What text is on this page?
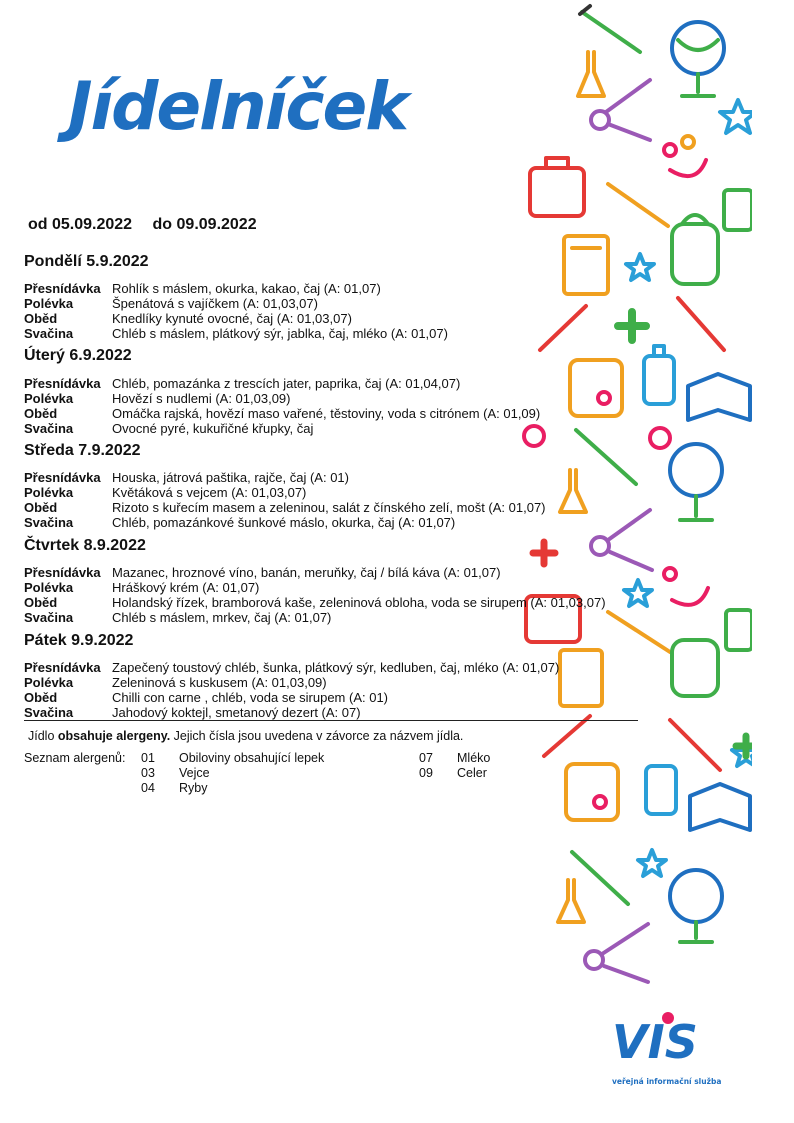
Jídelníček
od 05.09.2022 do 09.09.2022
Pondělí 5.9.2022
Přesnídávka Rohlík s máslem, okurka, kakao, čaj (A: 01,07)
Polévka	Špenátová s vajíčkem (A: 01,03,07)
Oběd	Knedlíky kynuté ovocné, čaj (A: 01,03,07)
Svačina	Chléb s máslem, plátkový sýr, jablka, čaj, mléko (A: 01,07)
Úterý 6.9.2022
Přesnídávka Chléb, pomazánka z trescích jater, paprika, čaj (A: 01,04,07)
Polévka	Hovězí s nudlemi (A: 01,03,09)
Oběd	Omáčka rajská, hovězí maso vařené, těstoviny, voda s citrónem (A: 01,09)
Svačina	Ovocné pyré, kukuřičné křupky, čaj
Středa 7.9.2022
Přesnídávka Houska, játrová paštika, rajče, čaj (A: 01)
Polévka	Květáková s vejcem (A: 01,03,07)
Oběd	Rizoto s kuřecím masem a zeleninou, salát z čínského zelí, mošt (A: 01,07)
Svačina	Chléb, pomazánkové šunkové máslo, okurka, čaj (A: 01,07)
Čtvrtek 8.9.2022
Přesnídávka Mazanec, hroznové víno, banán, meruňky, čaj / bílá káva (A: 01,07)
Polévka	Hráškový krém (A: 01,07)
Oběd	Holandský řízek, bramborová kaše, zeleninová obloha, voda se sirupem (A: 01,03,07)
Svačina	Chléb s máslem, mrkev, čaj (A: 01,07)
Pátek 9.9.2022
Přesnídávka Zapečený toustový chléb, šunka, plátkový sýr, kedluben, čaj, mléko (A: 01,07)
Polévka	Zeleninová s kuskusem (A: 01,03,09)
Oběd	Chilli con carne , chléb, voda se sirupem (A: 01)
Svačina	Jahodový koktejl, smetanový dezert (A: 07)
Jídlo obsahuje alergeny. Jejich čísla jsou uvedena v závorce za názvem jídla.
Seznam alergenů: 01 Obiloviny obsahující lepek
03 Vejce
04 Ryby
07 Mléko
09 Celer
VIS
veřejná informační služba
